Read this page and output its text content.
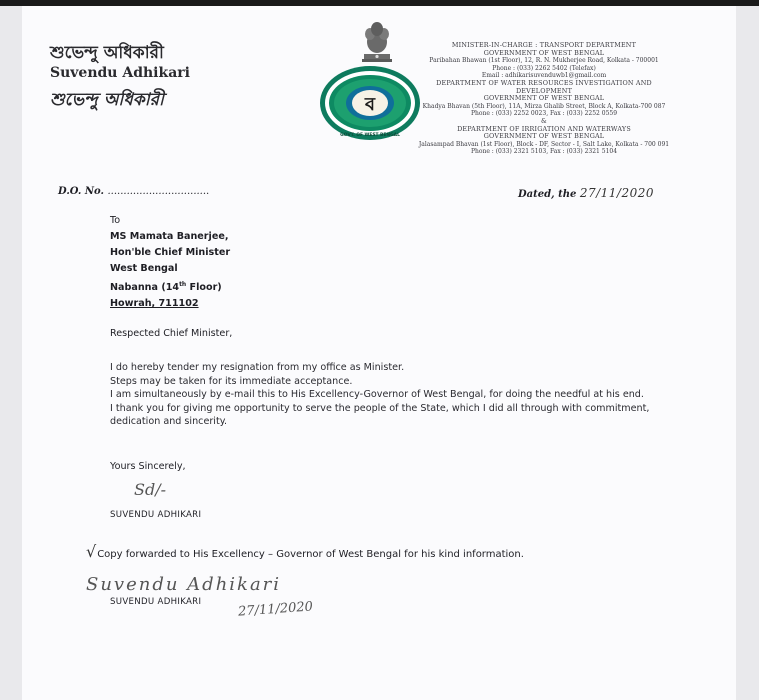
শুভেন্দু অধিকারী
Suvendu Adhikari
শুভেন্দু অধিকারী	ব
GOVT. OF WEST BENGAL
MINISTER-IN-CHARGE : TRANSPORT DEPARTMENT
GOVERNMENT OF WEST BENGAL
Paribahan Bhawan (1st Floor), 12, R. N. Mukherjee Road, Kolkata - 700001
Phone : (033) 2262 5402 (Telefax)
Email : adhikarisuvenduwb1@gmail.com
DEPARTMENT OF WATER RESOURCES INVESTIGATION AND
DEVELOPMENT
GOVERNMENT OF WEST BENGAL
Khadya Bhavan (5th Floor), 11A, Mirza Ghalib Street, Block A, Kolkata-700 087
Phone : (033) 2252 0023, Fax : (033) 2252 0559
&
DEPARTMENT OF IRRIGATION AND WATERWAYS
GOVERNMENT OF WEST BENGAL
Jalasampad Bhavan (1st Floor), Block - DF, Sector - I, Salt Lake, Kolkata - 700 091
Phone : (033) 2321 5103, Fax : (033) 2321 5104
D.O. No. ................................	Dated, the 27/11/2020
To
MS Mamata Banerjee,
Hon'ble Chief Minister
West Bengal
Nabanna (14th Floor)
Howrah, 711102
Respected Chief Minister,

I do hereby tender my resignation from my office as Minister.

Steps may be taken for its immediate acceptance.

I am simultaneously by e-mail this to His Excellency-Governor of West Bengal, for doing the needful at his end.

I thank you for giving me opportunity to serve the people of the State, which I did all through with commitment, dedication and sincerity.

Yours Sincerely,
Sd/-
SUVENDU ADHIKARI
√Copy forwarded to His Excellency – Governor of West Bengal for his kind information.
Suvendu Adhikari
SUVENDU ADHIKARI	27/11/2020
